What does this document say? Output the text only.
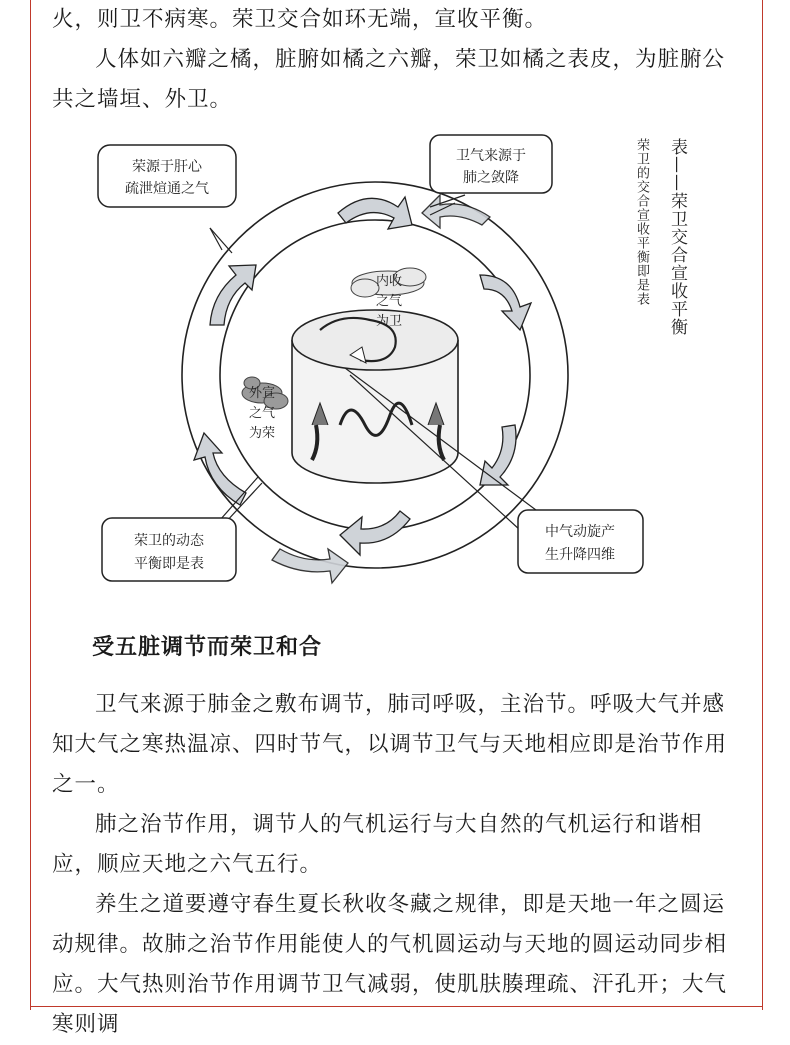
火，则卫不病寒。荣卫交合如环无端，宣收平衡。

人体如六瓣之橘，脏腑如橘之六瓣，荣卫如橘之表皮，为脏腑公共之墙垣、外卫。

荣源于肝心
疏泄煊通之气
卫气来源于
肺之敛降
荣卫的动态
平衡即是表
中气动旋产
生升降四维
内收
之气
为卫
外宣
之气
为荣
表——荣卫交合宣收平衡
荣卫的交合宣收平衡即是表
受五脏调节而荣卫和合

卫气来源于肺金之敷布调节，肺司呼吸，主治节。呼吸大气并感知大气之寒热温凉、四时节气，以调节卫气与天地相应即是治节作用之一。

肺之治节作用，调节人的气机运行与大自然的气机运行和谐相应，顺应天地之六气五行。

养生之道要遵守春生夏长秋收冬藏之规律，即是天地一年之圆运动规律。故肺之治节作用能使人的气机圆运动与天地的圆运动同步相应。大气热则治节作用调节卫气减弱，使肌肤腠理疏、汗孔开；大气寒则调
